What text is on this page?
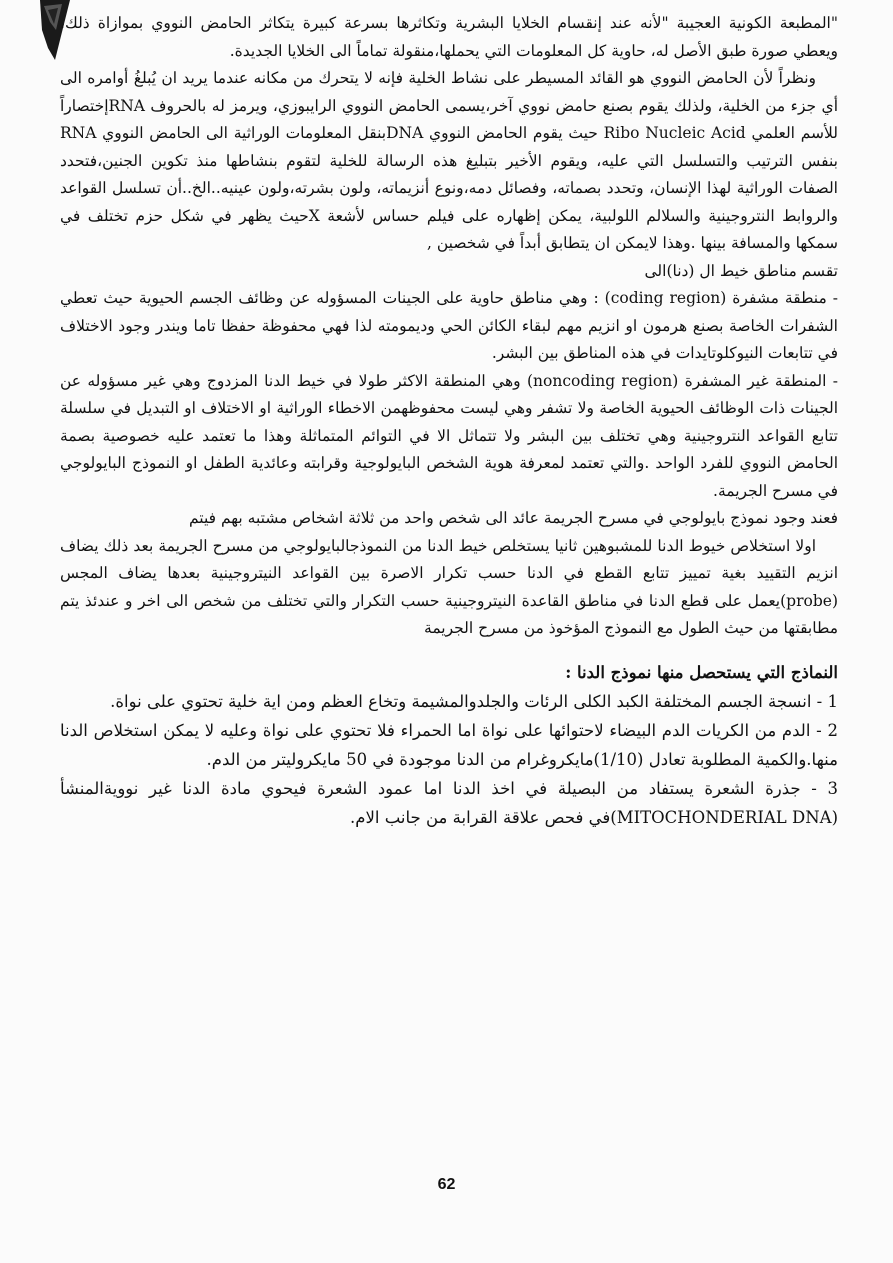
"المطبعة الكونية العجيبة "لأنه عند إنقسام الخلايا البشرية وتكاثرها بسرعة كبيرة يتكاثر الحامض النووي بموازاة ذلك، ويعطي صورة طبق الأصل له، حاوية كل المعلومات التي يحملها،منقولة تماماً الى الخلايا الجديدة.

ونظراً لأن الحامض النووي هو القائد المسيطر على نشاط الخلية فإنه لا يتحرك من مكانه عندما يريد ان يُبلغُ أوامره الى أي جزء من الخلية، ولذلك يقوم بصنع حامض نووي آخر،يسمى الحامض النووي الرايبوزي، ويرمز له بالحروف RNAإختصاراً للأسم العلمي Ribo Nucleic Acid حيث يقوم الحامض النووي DNAبنقل المعلومات الوراثية الى الحامض النووي RNA بنفس الترتيب والتسلسل التي عليه، ويقوم الأخير بتبليغ هذه الرسالة للخلية لتقوم بنشاطها منذ تكوين الجنين،فتحدد الصفات الوراثية لهذا الإنسان، وتحدد بصماته، وفصائل دمه،ونوع أنزيماته، ولون بشرته،ولون عينيه..الخ..أن تسلسل القواعد والروابط النتروجينية والسلالم اللولبية، يمكن إظهاره على فيلم حساس لأشعة Xحيث يظهر في شكل حزم تختلف في سمكها والمسافة بينها .وهذا لايمكن ان يتطابق أبداً في شخصين ,

تقسم مناطق خيط ال (دنا)الى

- منطقة مشفرة (coding region) : وهي مناطق حاوية على الجينات المسؤوله عن وظائف الجسم الحيوية حيث تعطي الشفرات الخاصة بصنع هرمون او انزيم مهم لبقاء الكائن الحي وديمومته لذا فهي محفوظة حفظا تاما ويندر وجود الاختلاف في تتابعات النيوكلوتايدات في هذه المناطق بين البشر.

- المنطقة غير المشفرة (noncoding region) وهي المنطقة الاكثر طولا في خيط الدنا المزدوج وهي غير مسؤوله عن الجينات ذات الوظائف الحيوية الخاصة ولا تشفر وهي ليست محفوظهمن الاخطاء الوراثية او الاختلاف او التبديل في سلسلة تتابع القواعد النتروجينية وهي تختلف بين البشر ولا تتماثل الا في التوائم المتماثلة وهذا ما تعتمد عليه خصوصية بصمة الحامض النووي للفرد الواحد .والتي تعتمد لمعرفة هوية الشخص البايولوجية وقرابته وعائدية الطفل او النموذج البايولوجي في مسرح الجريمة.

فعند وجود نموذج بايولوجي في مسرح الجريمة عائد الى شخص واحد من ثلاثة اشخاص مشتبه بهم فيتم

اولا استخلاص خيوط الدنا للمشبوهين ثانيا يستخلص خيط الدنا من النموذجالبايولوجي من مسرح الجريمة بعد ذلك يضاف انزيم التقييد بغية تمييز تتابع القطع في الدنا حسب تكرار الاصرة بين القواعد النيتروجينية بعدها يضاف المجس (probe)يعمل على قطع الدنا في مناطق القاعدة النيتروجينية حسب التكرار والتي تختلف من شخص الى اخر و عندئذ يتم مطابقتها من حيث الطول مع النموذج المؤخوذ من مسرح الجريمة

النماذج التي يستحصل منها نموذج الدنا :

1 - انسجة الجسم المختلفة الكبد الكلى الرئات والجلدوالمشيمة وتخاع العظم ومن اية خلية تحتوي على نواة.

2 - الدم من الكريات الدم البيضاء لاحتوائها على نواة اما الحمراء فلا تحتوي على نواة وعليه لا يمكن استخلاص الدنا منها.والكمية المطلوبة تعادل (1/10)مايكروغرام من الدنا موجودة في 50 مايكروليتر من الدم.

3 - جذرة الشعرة يستفاد من البصيلة في اخذ الدنا اما عمود الشعرة فيحوي مادة الدنا غير نوويةالمنشأ (MITOCHONDERIAL DNA)في فحص علاقة القرابة من جانب الام.

62
